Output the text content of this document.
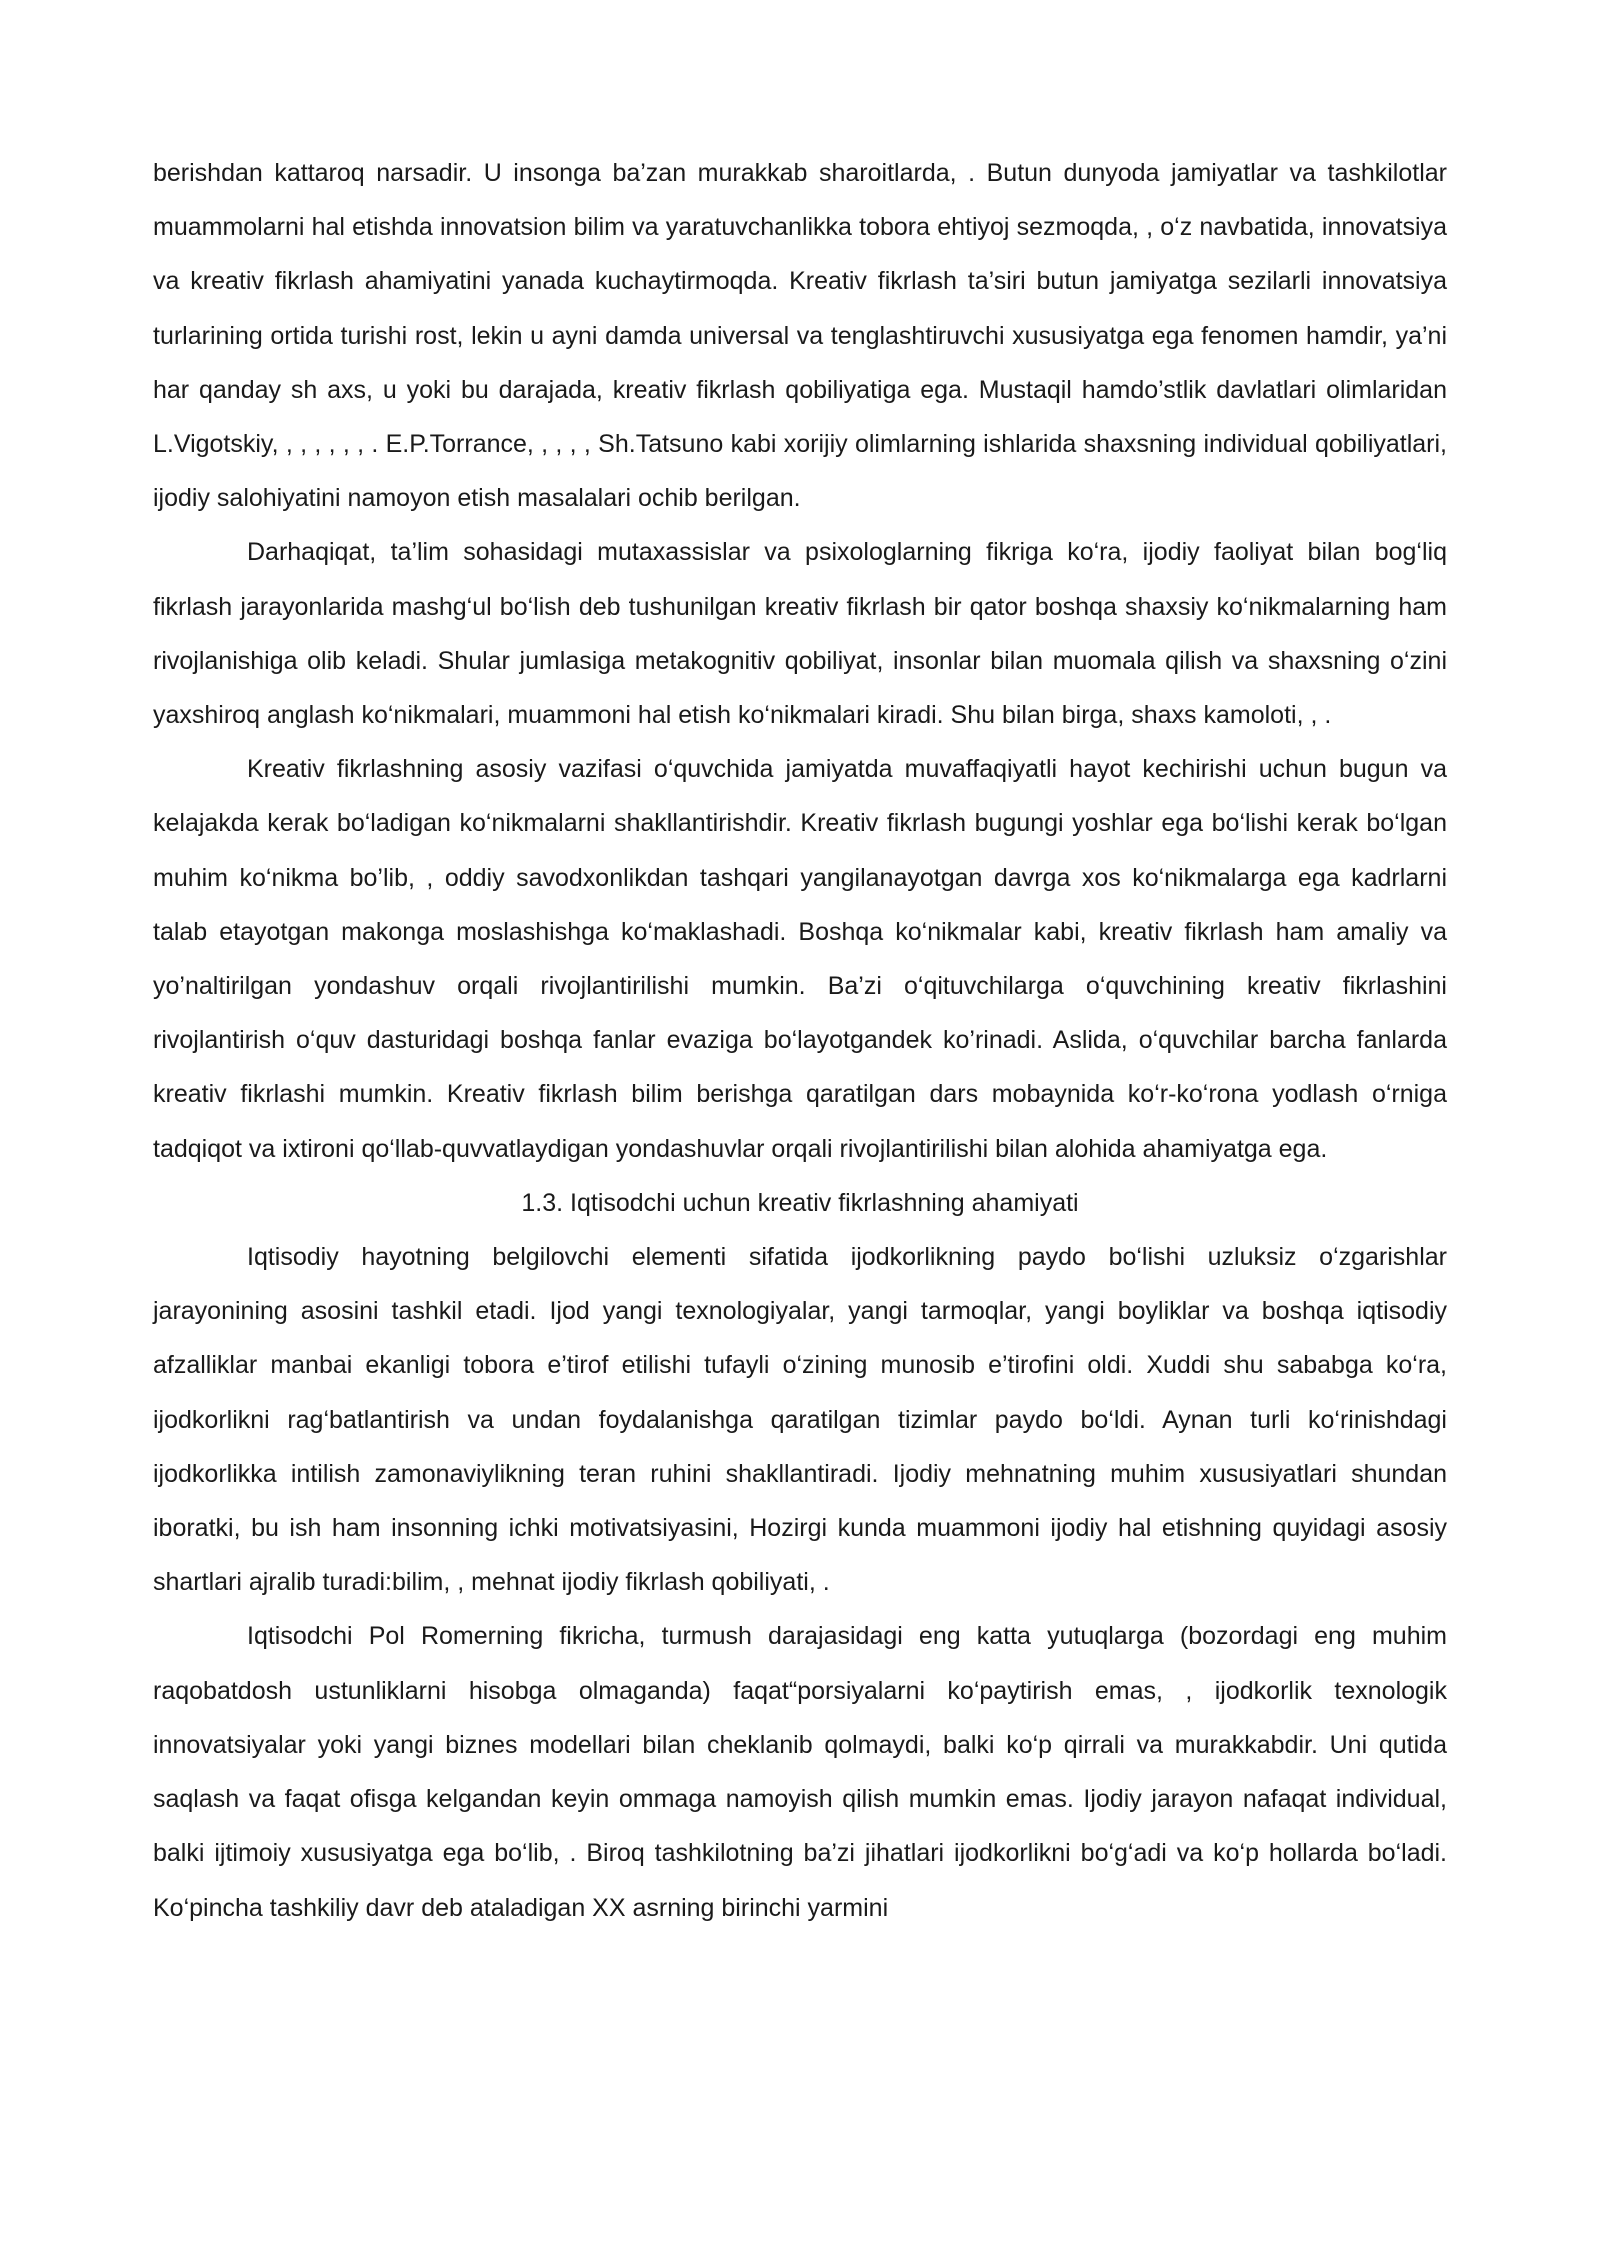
berishdan kattaroq narsadir. U insonga ba’zan murakkab sharoitlarda, . Butun dunyoda jamiyatlar va tashkilotlar muammolarni hal etishda innovatsion bilim va yaratuvchanlikka tobora ehtiyoj sezmoqda, , o‘z navbatida, innovatsiya va kreativ fikrlash ahamiyatini yanada kuchaytirmoqda. Kreativ fikrlash ta’siri butun jamiyatga sezilarli innovatsiya turlarining ortida turishi rost, lekin u ayni damda universal va tenglashtiruvchi xususiyatga ega fenomen hamdir, ya’ni har qanday sh axs, u yoki bu darajada, kreativ fikrlash qobiliyatiga ega. Mustaqil hamdo’stlik davlatlari olimlaridan L.Vigotskiy, , , , , , , . E.P.Torrance, , , , , Sh.Tatsuno kabi xorijiy olimlarning ishlarida shaxsning individual qobiliyatlari, ijodiy salohiyatini namoyon etish masalalari ochib berilgan.

Darhaqiqat, ta’lim sohasidagi mutaxassislar va psixologlarning fikriga ko‘ra, ijodiy faoliyat bilan bog‘liq fikrlash jarayonlarida mashg‘ul bo‘lish deb tushunilgan kreativ fikrlash bir qator boshqa shaxsiy ko‘nikmalarning ham rivojlanishiga olib keladi. Shular jumlasiga metakognitiv qobiliyat, insonlar bilan muomala qilish va shaxsning o‘zini yaxshiroq anglash ko‘nikmalari, muammoni hal etish ko‘nikmalari kiradi. Shu bilan birga, shaxs kamoloti, , .

Kreativ fikrlashning asosiy vazifasi o‘quvchida jamiyatda muvaffaqiyatli hayot kechirishi uchun bugun va kelajakda kerak bo‘ladigan ko‘nikmalarni shakllantirishdir. Kreativ fikrlash bugungi yoshlar ega bo‘lishi kerak bo‘lgan muhim ko‘nikma bo’lib, , oddiy savodxonlikdan tashqari yangilanayotgan davrga xos ko‘nikmalarga ega kadrlarni talab etayotgan makonga moslashishga ko‘maklashadi. Boshqa ko‘nikmalar kabi, kreativ fikrlash ham amaliy va yo’naltirilgan yondashuv orqali rivojlantirilishi mumkin. Ba’zi o‘qituvchilarga o‘quvchining kreativ fikrlashini rivojlantirish o‘quv dasturidagi boshqa fanlar evaziga bo‘layotgandek ko’rinadi. Aslida, o‘quvchilar barcha fanlarda kreativ fikrlashi mumkin. Kreativ fikrlash bilim berishga qaratilgan dars mobaynida ko‘r-ko‘rona yodlash o‘rniga tadqiqot va ixtironi qo‘llab-quvvatlaydigan yondashuvlar orqali rivojlantirilishi bilan alohida ahamiyatga ega.

1.3. Iqtisodchi uchun kreativ fikrlashning ahamiyati

Iqtisodiy hayotning belgilovchi elementi sifatida ijodkorlikning paydo bo‘lishi uzluksiz o‘zgarishlar jarayonining asosini tashkil etadi. Ijod yangi texnologiyalar, yangi tarmoqlar, yangi boyliklar va boshqa iqtisodiy afzalliklar manbai ekanligi tobora e’tirof etilishi tufayli o‘zining munosib e’tirofini oldi. Xuddi shu sababga ko‘ra, ijodkorlikni rag‘batlantirish va undan foydalanishga qaratilgan tizimlar paydo bo‘ldi. Aynan turli ko‘rinishdagi ijodkorlikka intilish zamonaviylikning teran ruhini shakllantiradi. Ijodiy mehnatning muhim xususiyatlari shundan iboratki, bu ish ham insonning ichki motivatsiyasini, Hozirgi kunda muammoni ijodiy hal etishning quyidagi asosiy shartlari ajralib turadi:bilim, , mehnat ijodiy fikrlash qobiliyati, .

Iqtisodchi Pol Romerning fikricha, turmush darajasidagi eng katta yutuqlarga (bozordagi eng muhim raqobatdosh ustunliklarni hisobga olmaganda) faqat“porsiyalarni ko‘paytirish emas, , ijodkorlik texnologik innovatsiyalar yoki yangi biznes modellari bilan cheklanib qolmaydi, balki ko‘p qirrali va murakkabdir. Uni qutida saqlash va faqat ofisga kelgandan keyin ommaga namoyish qilish mumkin emas. Ijodiy jarayon nafaqat individual, balki ijtimoiy xususiyatga ega bo‘lib, . Biroq tashkilotning ba’zi jihatlari ijodkorlikni bo‘g‘adi va ko‘p hollarda bo‘ladi. Ko‘pincha tashkiliy davr deb ataladigan XX asrning birinchi yarmini
